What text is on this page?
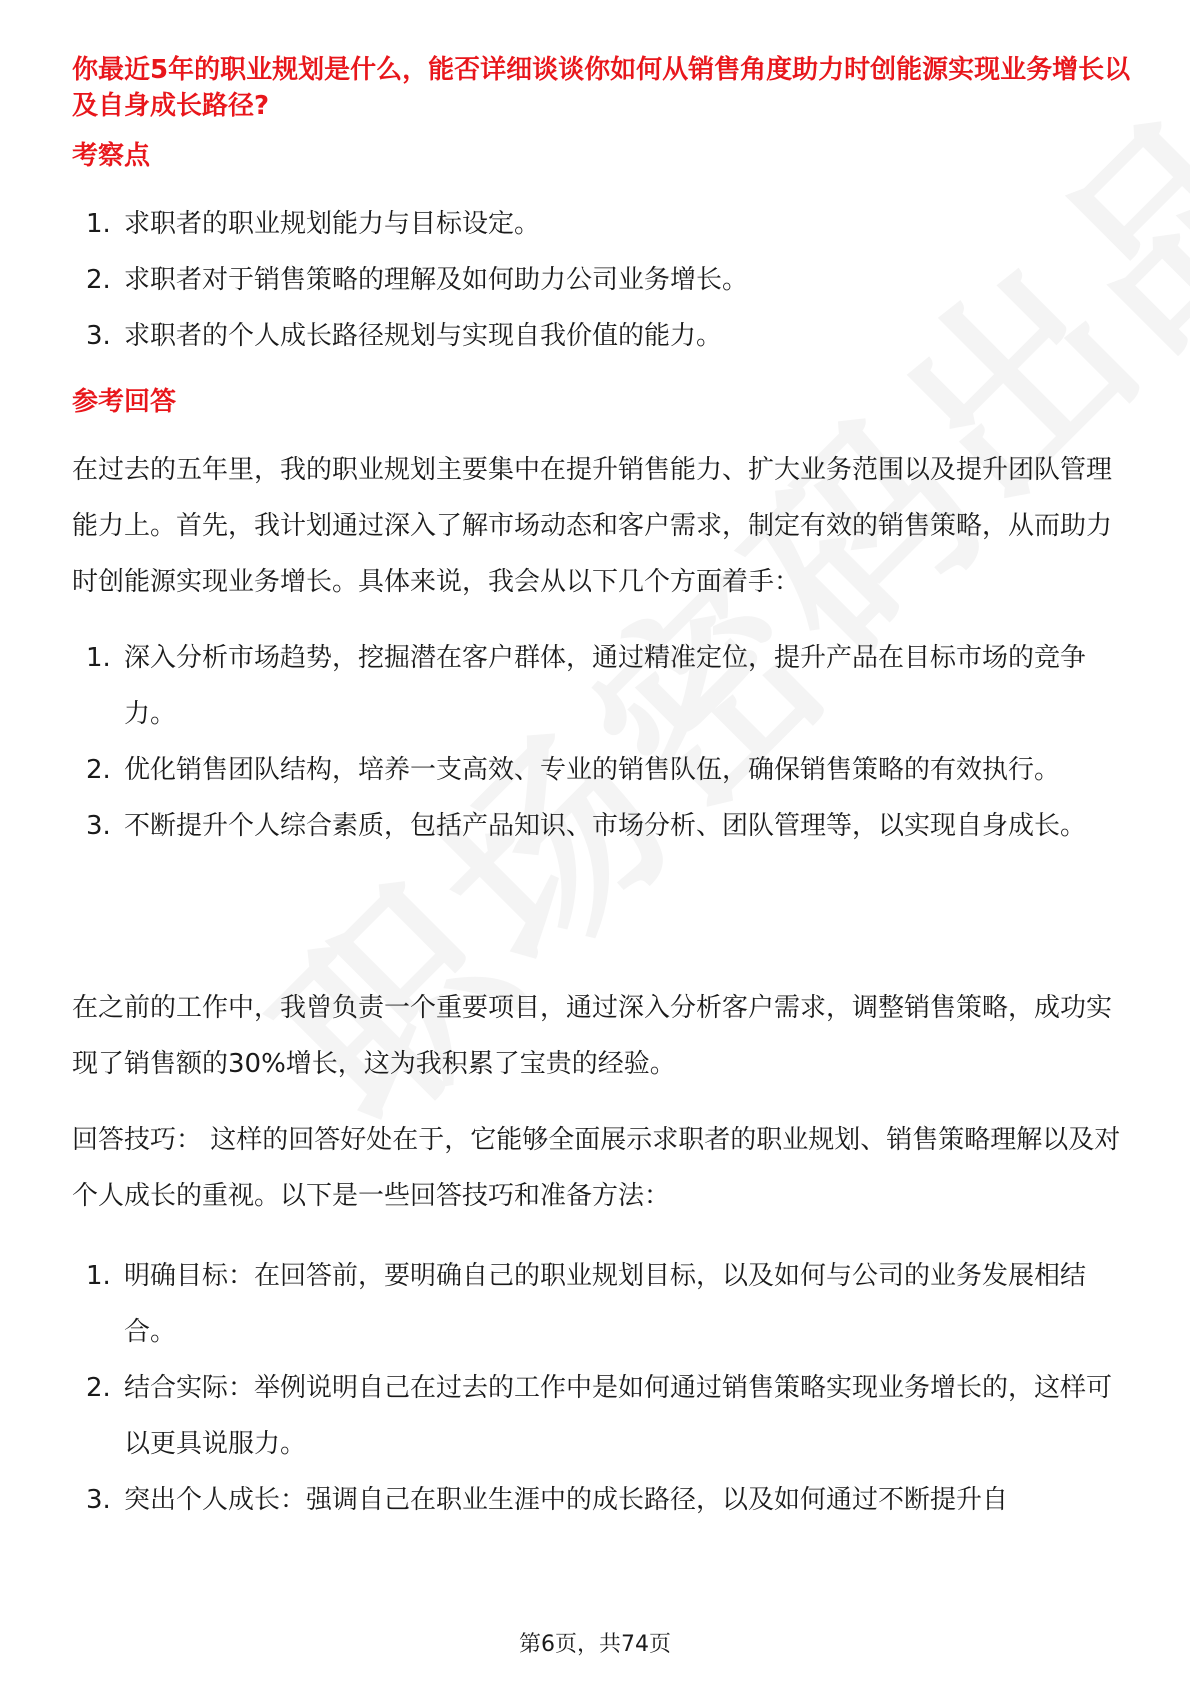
你最近5年的职业规划是什么，能否详细谈谈你如何从销售角度助力时创能源实现业务增长以及自身成长路径?
考察点
1. 求职者的职业规划能力与目标设定。
2. 求职者对于销售策略的理解及如何助力公司业务增长。
3. 求职者的个人成长路径规划与实现自我价值的能力。
参考回答

在过去的五年里，我的职业规划主要集中在提升销售能力、扩大业务范围以及提升团队管理能力上。首先，我计划通过深入了解市场动态和客户需求，制定有效的销售策略，从而助力时创能源实现业务增长。具体来说，我会从以下几个方面着手：

1. 深入分析市场趋势，挖掘潜在客户群体，通过精准定位，提升产品在目标市场的竞争力。
2. 优化销售团队结构，培养一支高效、专业的销售队伍，确保销售策略的有效执行。
3. 不断提升个人综合素质，包括产品知识、市场分析、团队管理等，以实现自身成长。

在之前的工作中，我曾负责一个重要项目，通过深入分析客户需求，调整销售策略，成功实现了销售额的30%增长，这为我积累了宝贵的经验。

回答技巧： 这样的回答好处在于，它能够全面展示求职者的职业规划、销售策略理解以及对个人成长的重视。以下是一些回答技巧和准备方法：

1. 明确目标：在回答前，要明确自己的职业规划目标，以及如何与公司的业务发展相结合。
2. 结合实际：举例说明自己在过去的工作中是如何通过销售策略实现业务增长的，这样可以更具说服力。
3. 突出个人成长：强调自己在职业生涯中的成长路径，以及如何通过不断提升自
第6页，共74页
